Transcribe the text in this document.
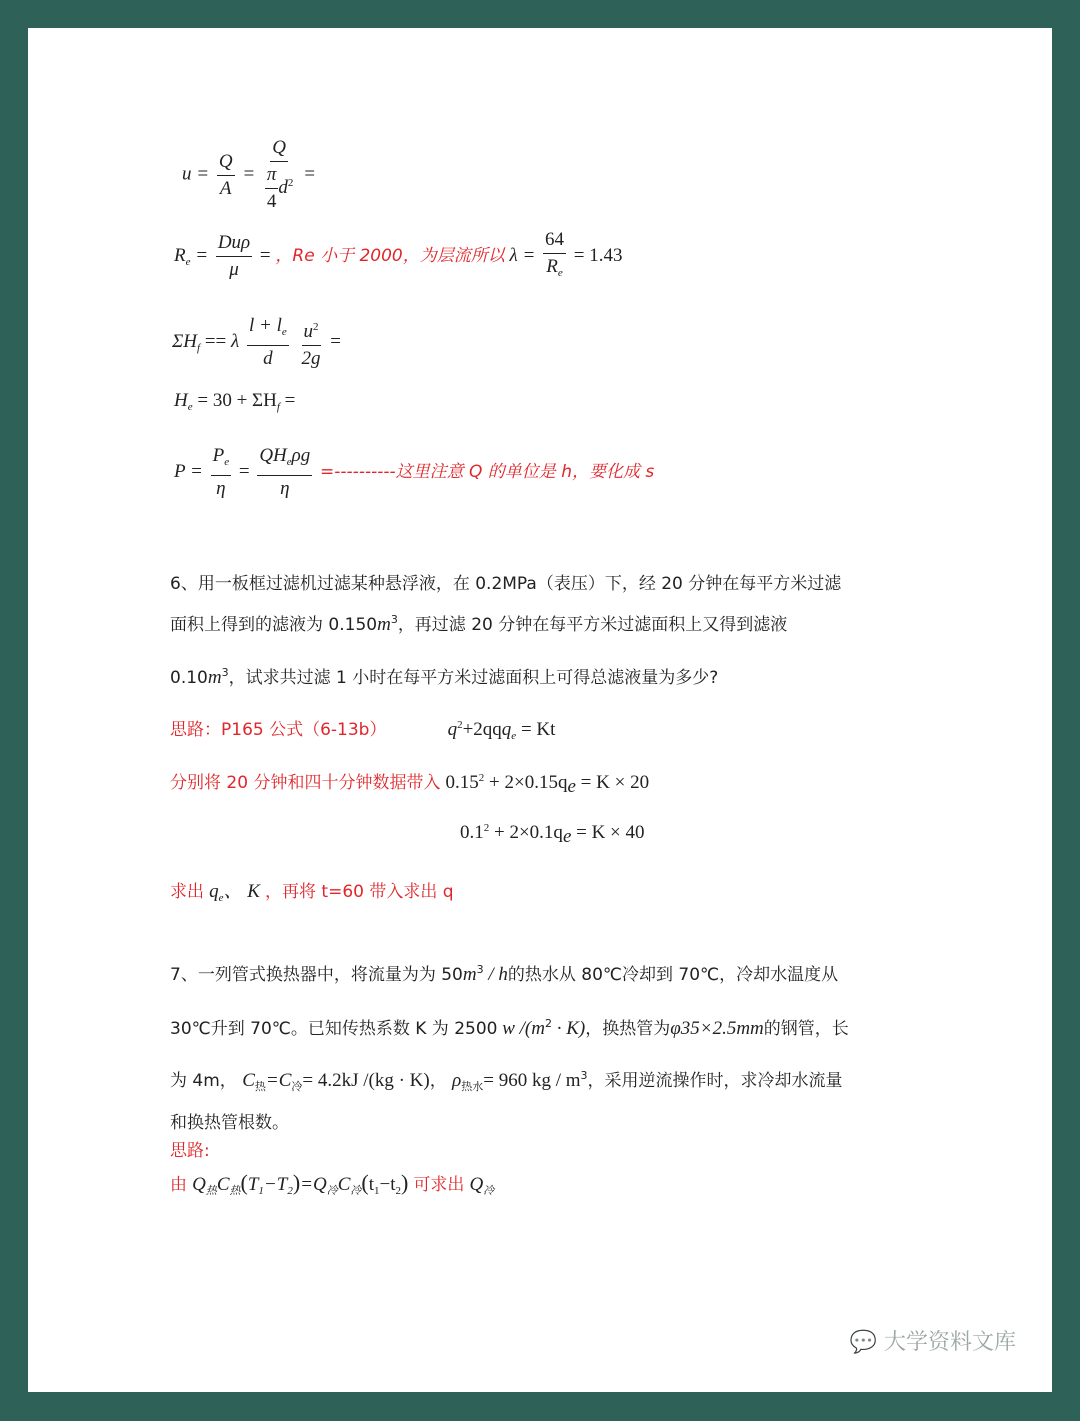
$u = \frac{Q}{A} = \frac{Q}{\frac{\pi}{4} d^2}$ =
$R_e = \frac{\text{Duρ}}{\mu}$ = ，Re 小于 2000，为层流所以 $\lambda = \frac{64}{R_e} = 1.43$
$\Sigma H_f == \lambda \frac{l + l_e}{d}$
$\frac{u^2}{2g}$ =
$H_e = 30 + \Sigma H_f$ =
$P = \frac{P_e}{\eta} = \frac{QH_e\rho g}{\eta}$ =----------这里注意 Q 的单位是 h，要化成 s
6、用一板框过滤机过滤某种悬浮液，在 0.2MPa（表压）下，经 20 分钟在每平方米过滤
面积上得到的滤液为 $0.150m^3$，再过滤 20 分钟在每平方米过滤面积上又得到滤液
$0.10m^3$，试求共过滤 1 小时在每平方米过滤面积上可得总滤液量为多少?
思路：P165 公式（6-13b）	$q^2+2qqq_e = Kt$
分别将 20 分钟和四十分钟数据带入 $0.15^2 + 2\times 0.15q_e = K \times 20$
$0.1^2 + 2\times 0.1q_e = K \times 40$
求出 $q_e$、 K ，再将 t=60 带入求出 q
7、一列管式换热器中，将流量为为 $50m^3$ / h的热水从 80℃冷却到 70℃，冷却水温度从
30℃升到 70℃。已知传热系数 K 为 2500 w $/(m^2 \cdot K)$，换热管为φ35×2.5mm的钢管，长
为 4m， $C_热=C_冷= 4.2kJ$ /(kg · K)， $\rho_{热水}= 960$ kg / $m^3$，采用逆流操作时，求冷却水流量
和换热管根数。
思路:
由 $Q_热C_热(T_1-T_2)=Q_冷C_冷(t_1-t_2)$ 可求出 $Q_冷$
💬 大学资料文库
